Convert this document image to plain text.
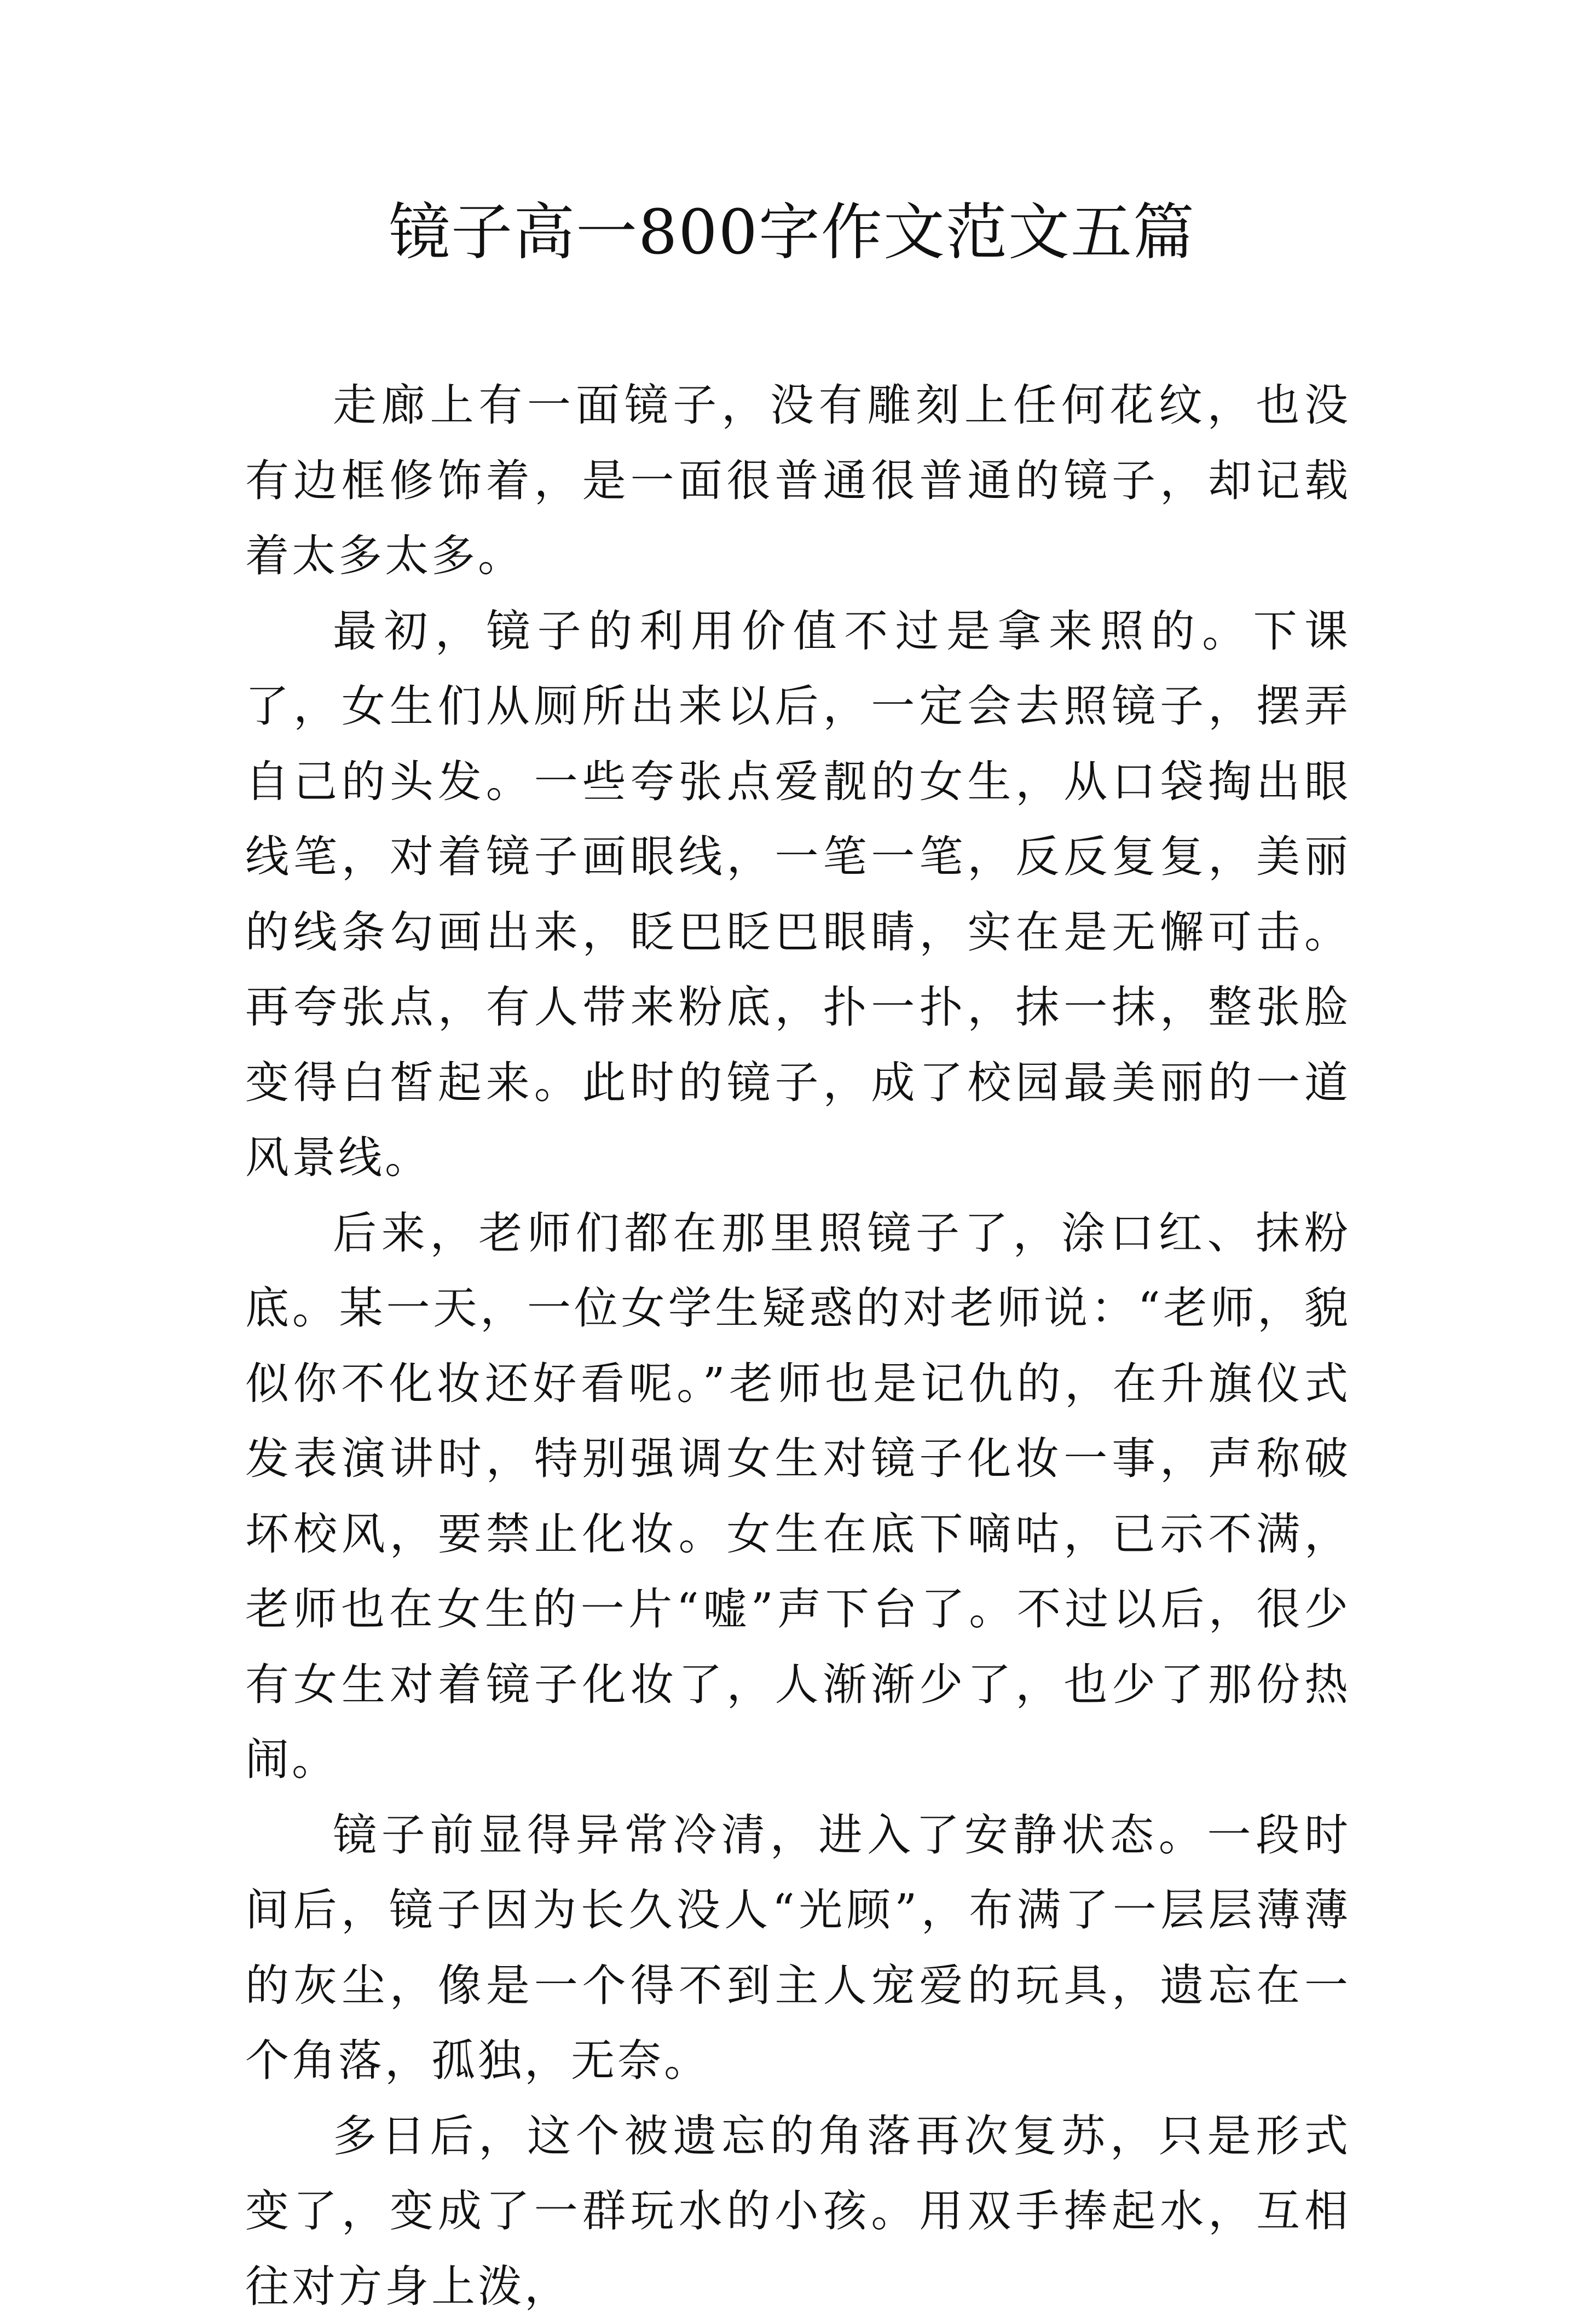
镜子高一800字作文范文五篇

走廊上有一面镜子，没有雕刻上任何花纹，也没有边框修饰着，是一面很普通很普通的镜子，却记载着太多太多。

最初，镜子的利用价值不过是拿来照的。下课了，女生们从厕所出来以后，一定会去照镜子，摆弄自己的头发。一些夸张点爱靓的女生，从口袋掏出眼线笔，对着镜子画眼线，一笔一笔，反反复复，美丽的线条勾画出来，眨巴眨巴眼睛，实在是无懈可击。再夸张点，有人带来粉底，扑一扑，抹一抹，整张脸变得白皙起来。此时的镜子，成了校园最美丽的一道风景线。

后来，老师们都在那里照镜子了，涂口红、抹粉底。某一天，一位女学生疑惑的对老师说：“老师，貌似你不化妆还好看呢。”老师也是记仇的，在升旗仪式发表演讲时，特别强调女生对镜子化妆一事，声称破坏校风，要禁止化妆。女生在底下嘀咕，已示不满，老师也在女生的一片“嘘”声下台了。不过以后，很少有女生对着镜子化妆了，人渐渐少了，也少了那份热闹。

镜子前显得异常冷清，进入了安静状态。一段时间后，镜子因为长久没人“光顾”，布满了一层层薄薄的灰尘，像是一个得不到主人宠爱的玩具，遗忘在一个角落，孤独，无奈。

多日后，这个被遗忘的角落再次复苏，只是形式变了，变成了一群玩水的小孩。用双手捧起水，互相往对方身上泼，
